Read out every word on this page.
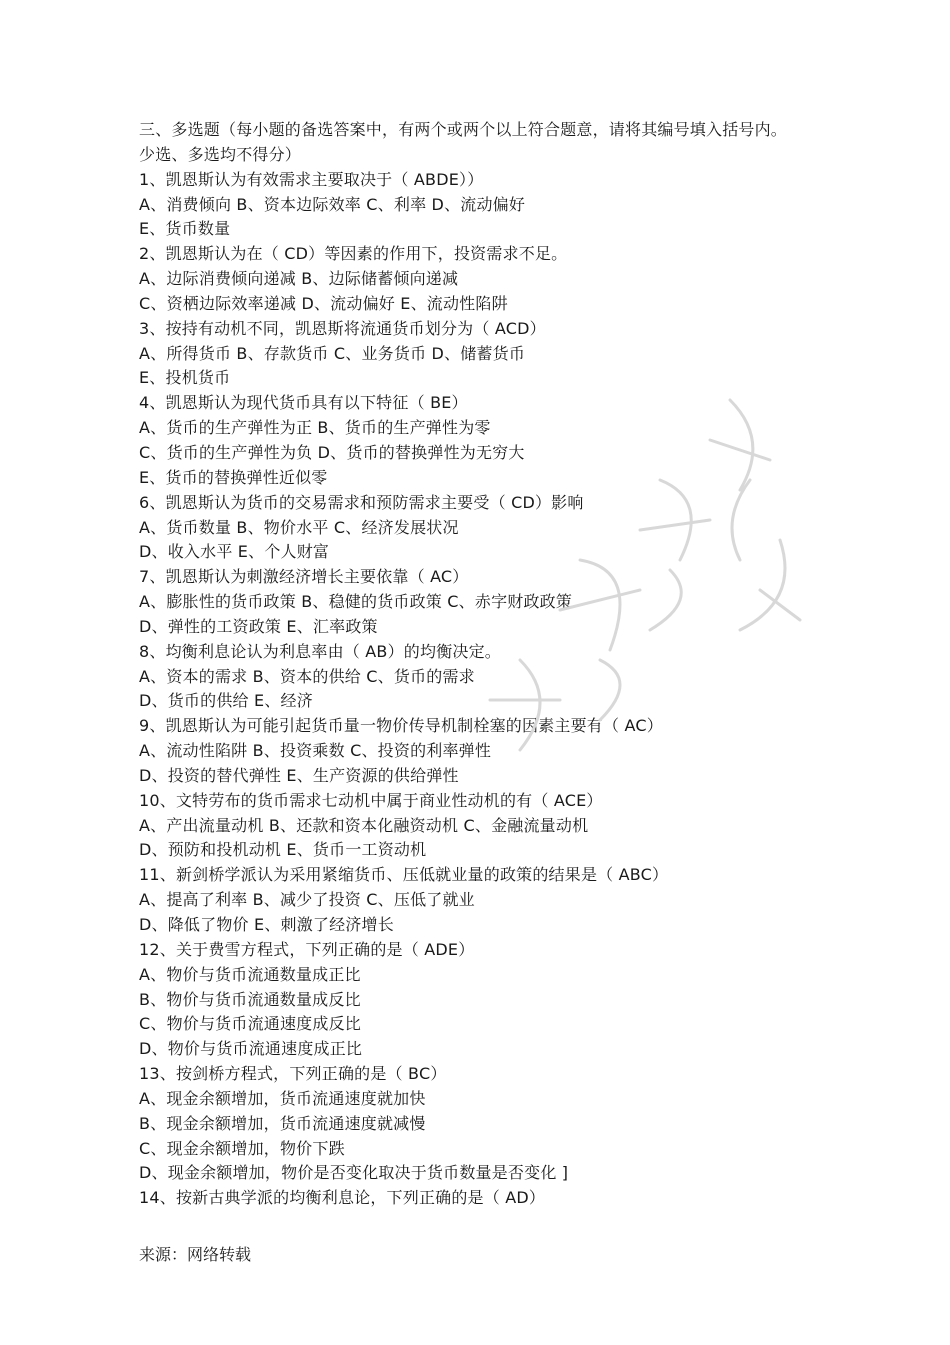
三、多选题（每小题的备选答案中，有两个或两个以上符合题意，请将其编号填入括号内。少选、多选均不得分）
1、凯恩斯认为有效需求主要取决于（ ABDE））
A、消费倾向 B、资本边际效率 C、利率 D、流动偏好
E、货币数量
2、凯恩斯认为在（ CD）等因素的作用下，投资需求不足。
A、边际消费倾向递减 B、边际储蓄倾向递减
C、资栖边际效率递减 D、流动偏好 E、流动性陷阱
3、按持有动机不同，凯恩斯将流通货币划分为（ ACD）
A、所得货币 B、存款货币 C、业务货币 D、储蓄货币
E、投机货币
4、凯恩斯认为现代货币具有以下特征（ BE）
A、货币的生产弹性为正 B、货币的生产弹性为零
C、货币的生产弹性为负 D、货币的替换弹性为无穷大
E、货币的替换弹性近似零
6、凯恩斯认为货币的交易需求和预防需求主要受（ CD）影响
A、货币数量 B、物价水平 C、经济发展状况
D、收入水平 E、个人财富
7、凯恩斯认为刺激经济增长主要依靠（ AC）
A、膨胀性的货币政策 B、稳健的货币政策 C、赤字财政政策
D、弹性的工资政策 E、汇率政策
8、均衡利息论认为利息率由（ AB）的均衡决定。
A、资本的需求 B、资本的供给 C、货币的需求
D、货币的供给 E、经济
9、凯恩斯认为可能引起货币量一物价传导机制栓塞的因素主要有（ AC）
A、流动性陷阱 B、投资乘数 C、投资的利率弹性
D、投资的替代弹性 E、生产资源的供给弹性
10、文特劳布的货币需求七动机中属于商业性动机的有（ ACE）
A、产出流量动机 B、还款和资本化融资动机 C、金融流量动机
D、预防和投机动机 E、货币一工资动机
11、新剑桥学派认为采用紧缩货币、压低就业量的政策的结果是（ ABC）
A、提高了利率 B、减少了投资 C、压低了就业
D、降低了物价 E、刺激了经济增长
12、关于费雪方程式，下列正确的是（ ADE）
A、物价与货币流通数量成正比
B、物价与货币流通数量成反比
C、物价与货币流通速度成反比
D、物价与货币流通速度成正比
13、按剑桥方程式，下列正确的是（ BC）
A、现金余额增加，货币流通速度就加快
B、现金余额增加，货币流通速度就减慢
C、现金余额增加，物价下跌
D、现金余额增加，物价是否变化取决于货币数量是否变化 ]
14、按新古典学派的均衡利息论，下列正确的是（ AD）
来源：网络转载
